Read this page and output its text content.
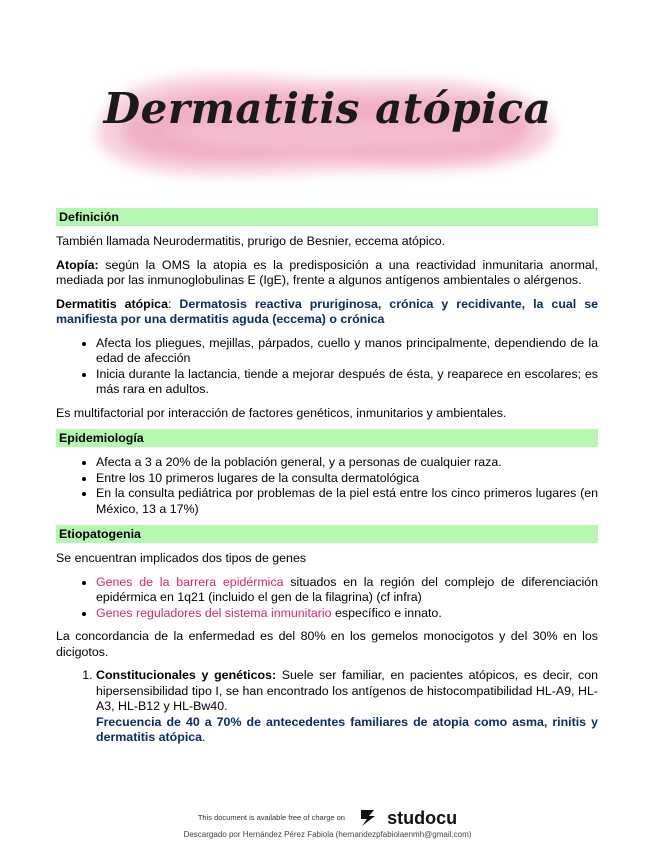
Dermatitis atópica
Definición

También llamada Neurodermatitis, prurigo de Besnier, eccema atópico.

Atopía: según la OMS la atopia es la predisposición a una reactividad inmunitaria anormal, mediada por las inmunoglobulinas E (IgE), frente a algunos antígenos ambientales o alérgenos.

Dermatitis atópica: Dermatosis reactiva pruriginosa, crónica y recidivante, la cual se manifiesta por una dermatitis aguda (eccema) o crónica

• Afecta los pliegues, mejillas, párpados, cuello y manos principalmente, dependiendo de la edad de afección
• Inicia durante la lactancia, tiende a mejorar después de ésta, y reaparece en escolares; es más rara en adultos.

Es multifactorial por interacción de factores genéticos, inmunitarios y ambientales.

Epidemiología
• Afecta a 3 a 20% de la población general, y a personas de cualquier raza.
• Entre los 10 primeros lugares de la consulta dermatológica
• En la consulta pediátrica por problemas de la piel está entre los cinco primeros lugares (en México, 13 a 17%)
Etiopatogenia

Se encuentran implicados dos tipos de genes

• Genes de la barrera epidérmica situados en la región del complejo de diferenciación epidérmica en 1q21 (incluido el gen de la filagrina) (cf infra)
• Genes reguladores del sistema inmunitario específico e innato.

La concordancia de la enfermedad es del 80% en los gemelos monocigotos y del 30% en los dicigotos.

1. Constitucionales y genéticos: Suele ser familiar, en pacientes atópicos, es decir, con hipersensibilidad tipo I, se han encontrado los antígenos de histocompatibilidad HL-A9, HL-A3, HL-B12 y HL-Bw40.
Frecuencia de 40 a 70% de antecedentes familiares de atopia como asma, rinitis y dermatitis atópica.
This document is available free of charge on studocu
Descargado por Hernández Pérez Fabiola (hernandezpfabiolaenmh@gmail.com)
